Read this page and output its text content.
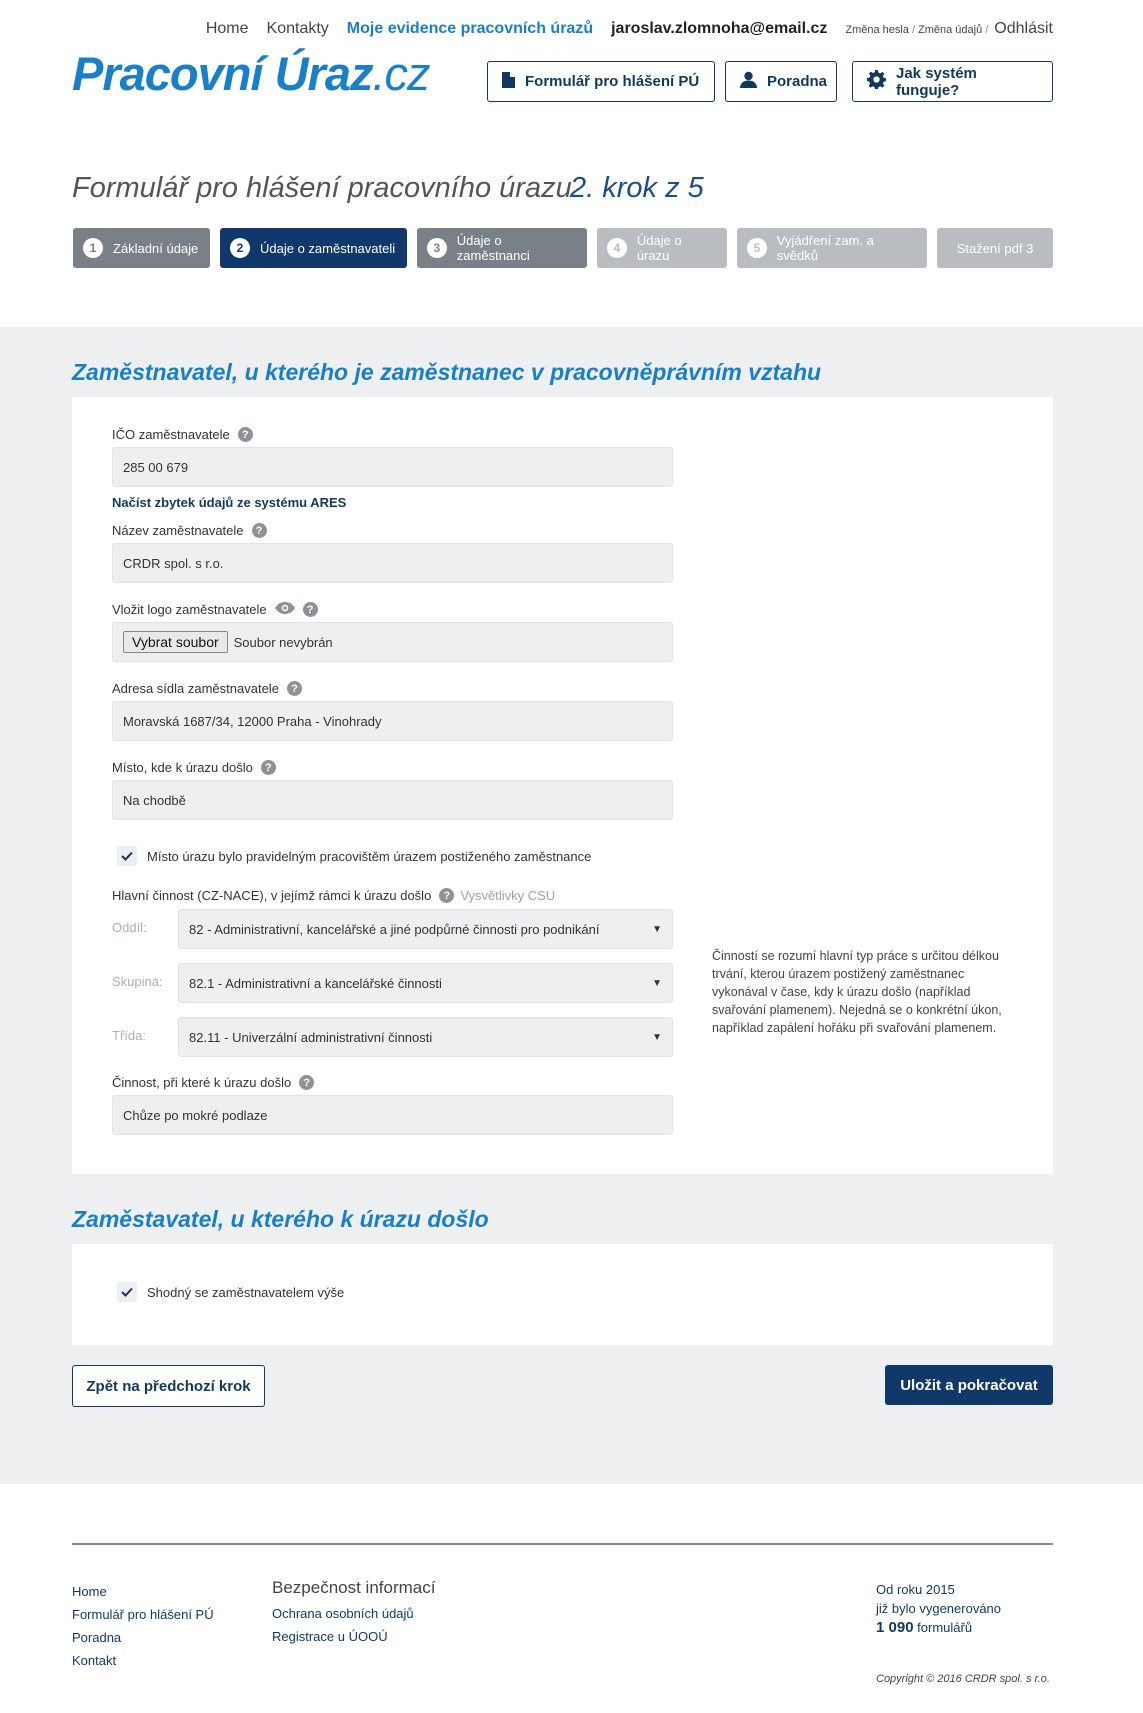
Home Kontakty Moje evidence pracovních úrazů jaroslav.zlomnoha@email.cz Změna hesla / Změna údajů / Odhlásit
Pracovní Úraz.cz	Formulář pro hlášení PÚ	Poradna	Jak systém funguje?
Formulář pro hlášení pracovního úrazu
2. krok z 5
1	Základní údaje	2	Údaje o zaměstnavateli	3	Údaje o zaměstnanci	4	Údaje o úrazu	5	Vyjádření zam. a svědků	Stažení pdf 3
Zaměstnavatel, u kterého je zaměstnanec v pracovněprávním vztahu
IČO zaměstnavatele	?
285 00 679
Načíst zbytek údajů ze systému ARES
Název zaměstnavatele	?
CRDR spol. s r.o.
Vložit logo zaměstnavatele	?
Vybrat soubor	Soubor nevybrán
Adresa sídla zaměstnavatele	?
Moravská 1687/34, 12000 Praha - Vinohrady
Místo, kde k úrazu došlo	?
Na chodbě
Místo úrazu bylo pravidelným pracovištěm úrazem postiženého zaměstnance
Hlavní činnost (CZ-NACE), v jejímž rámci k úrazu došlo	? Vysvětlivky CSU
Oddíl:	82 - Administrativní, kancelářské a jiné podpůrné činnosti pro podnikání	▼
Skupina: 82.1 - Administrativní a kancelářské činnosti	▼
Třída:	82.11 - Univerzální administrativní činnosti	▼
Činností se rozumí hlavní typ práce s určitou délkou trvání, kterou úrazem postižený zaměstnanec vykonával v čase, kdy k úrazu došlo (například svařování plamenem). Nejedná se o konkrétní úkon, například zapálení hořáku při svařování plamenem.
Činnost, při které k úrazu došlo	?
Chůze po mokré podlaze
Zaměstavatel, u kterého k úrazu došlo
Shodný se zaměstnavatelem výše
Zpět na předchozí krok	Uložit a pokračovat
Home
Formulář pro hlášení PÚ
Poradna
Kontakt
Bezpečnost informací
Ochrana osobních údajů
Registrace u ÚOOÚ
Od roku 2015
již bylo vygenerováno
1 090 formulářů
Copyright © 2016 CRDR spol. s r.o.
